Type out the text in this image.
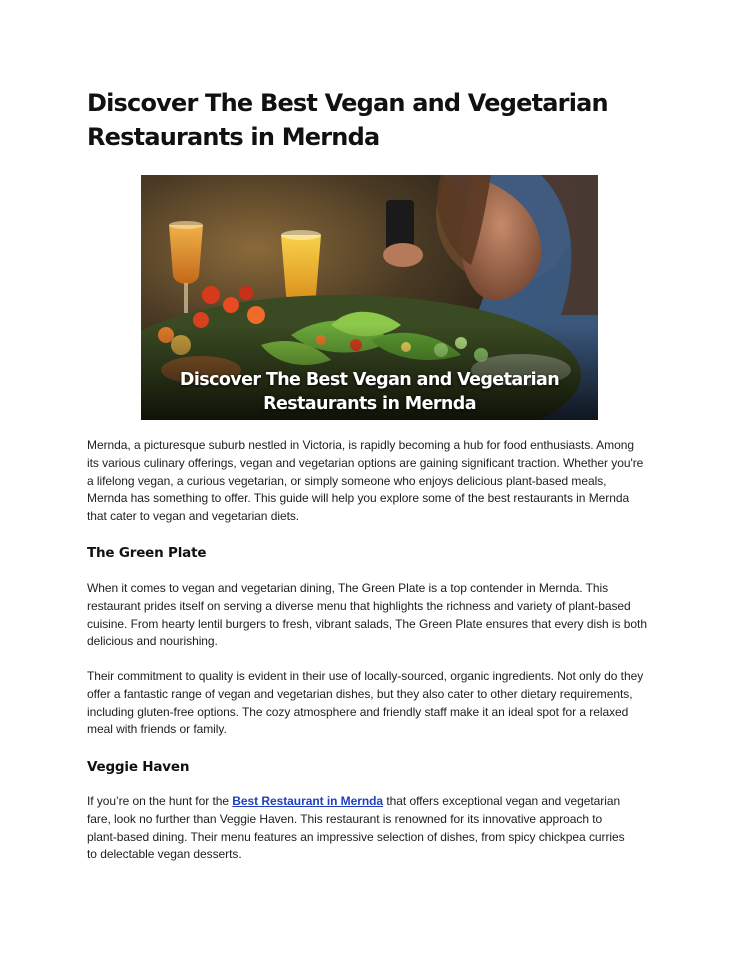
Discover The Best Vegan and Vegetarian Restaurants in Mernda
Discover The Best Vegan and Vegetarian
Restaurants in Mernda

Mernda, a picturesque suburb nestled in Victoria, is rapidly becoming a hub for food enthusiasts. Among its various culinary offerings, vegan and vegetarian options are gaining significant traction. Whether you're a lifelong vegan, a curious vegetarian, or simply someone who enjoys delicious plant-based meals, Mernda has something to offer. This guide will help you explore some of the best restaurants in Mernda that cater to vegan and vegetarian diets.

The Green Plate

When it comes to vegan and vegetarian dining, The Green Plate is a top contender in Mernda. This restaurant prides itself on serving a diverse menu that highlights the richness and variety of plant-based cuisine. From hearty lentil burgers to fresh, vibrant salads, The Green Plate ensures that every dish is both delicious and nourishing.

Their commitment to quality is evident in their use of locally-sourced, organic ingredients. Not only do they offer a fantastic range of vegan and vegetarian dishes, but they also cater to other dietary requirements, including gluten-free options. The cozy atmosphere and friendly staff make it an ideal spot for a relaxed meal with friends or family.

Veggie Haven

If you’re on the hunt for the Best Restaurant in Mernda that offers exceptional vegan and vegetarian fare, look no further than Veggie Haven. This restaurant is renowned for its innovative approach to plant-based dining. Their menu features an impressive selection of dishes, from spicy chickpea curries to delectable vegan desserts.
